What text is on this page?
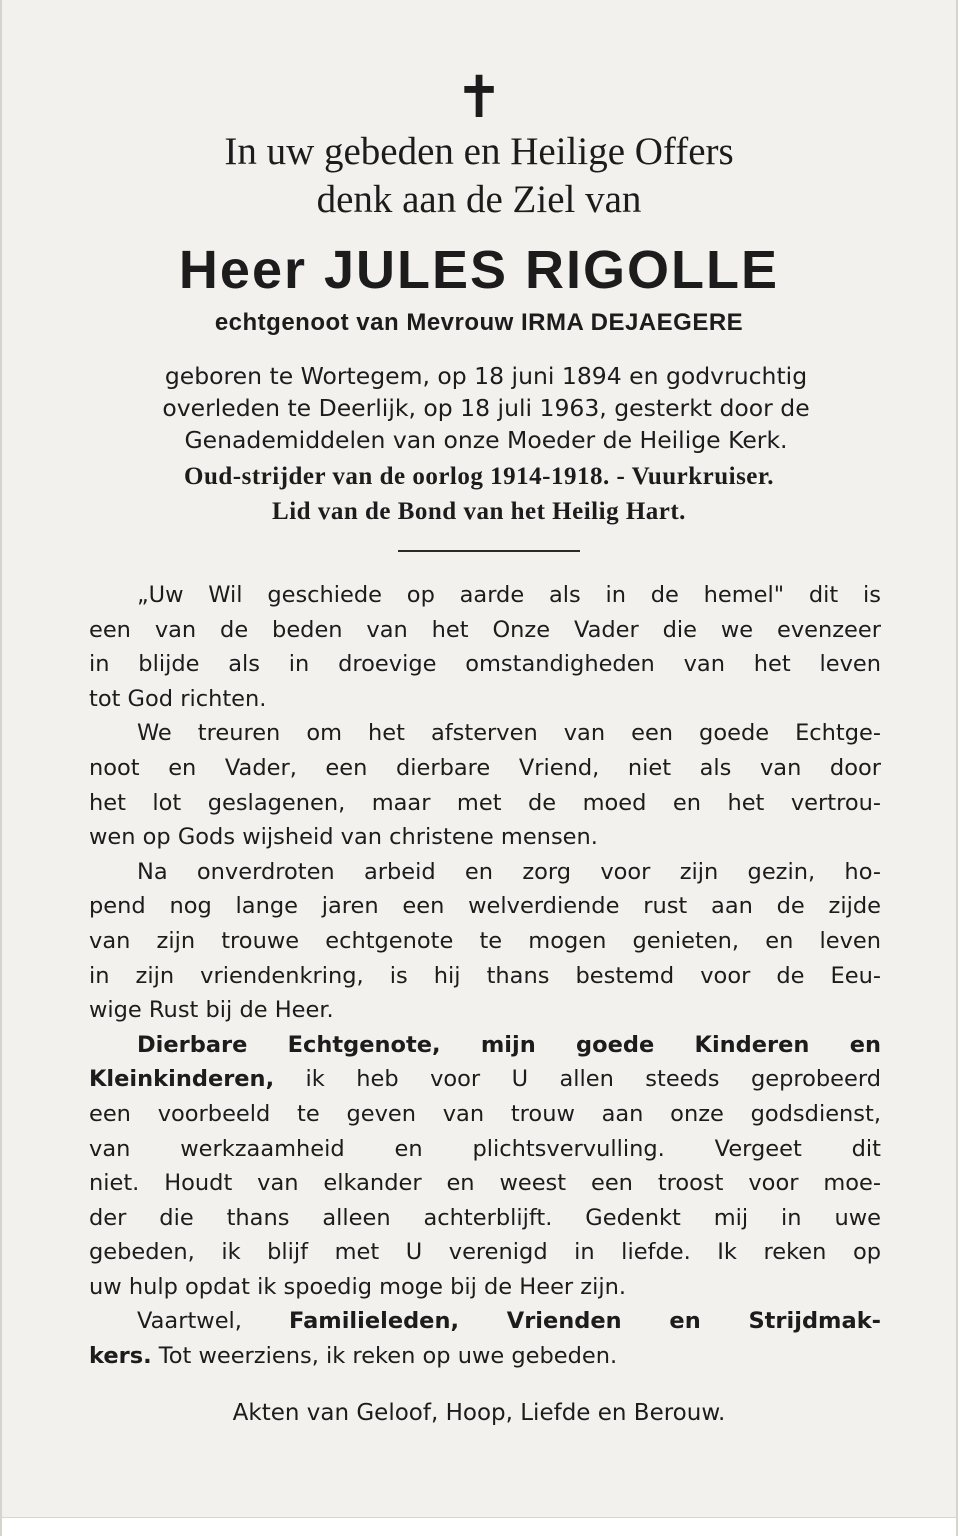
✝
In uw gebeden en Heilige Offers
denk aan de Ziel van
Heer JULES RIGOLLE
echtgenoot van Mevrouw IRMA DEJAEGERE
geboren te Wortegem, op 18 juni 1894 en godvruchtig
overleden te Deerlijk, op 18 juli 1963, gesterkt door de
Genademiddelen van onze Moeder de Heilige Kerk.
Oud-strijder van de oorlog 1914-1918. - Vuurkruiser.
Lid van de Bond van het Heilig Hart.

„Uw Wil geschiede op aarde als in de hemel" dit is
een van de beden van het Onze Vader die we evenzeer
in blijde als in droevige omstandigheden van het leven
tot God richten.

We treuren om het afsterven van een goede Echtge-
noot en Vader, een dierbare Vriend, niet als van door
het lot geslagenen, maar met de moed en het vertrou-
wen op Gods wijsheid van christene mensen.

Na onverdroten arbeid en zorg voor zijn gezin, ho-
pend nog lange jaren een welverdiende rust aan de zijde
van zijn trouwe echtgenote te mogen genieten, en leven
in zijn vriendenkring, is hij thans bestemd voor de Eeu-
wige Rust bij de Heer.

Dierbare Echtgenote, mijn goede Kinderen en
Kleinkinderen, ik heb voor U allen steeds geprobeerd
een voorbeeld te geven van trouw aan onze godsdienst,
van werkzaamheid en plichtsvervulling. Vergeet dit
niet. Houdt van elkander en weest een troost voor moe-
der die thans alleen achterblijft. Gedenkt mij in uwe
gebeden, ik blijf met U verenigd in liefde. Ik reken op
uw hulp opdat ik spoedig moge bij de Heer zijn.

Vaartwel, Familieleden, Vrienden en Strijdmak-
kers. Tot weerziens, ik reken op uwe gebeden.

Akten van Geloof, Hoop, Liefde en Berouw.
